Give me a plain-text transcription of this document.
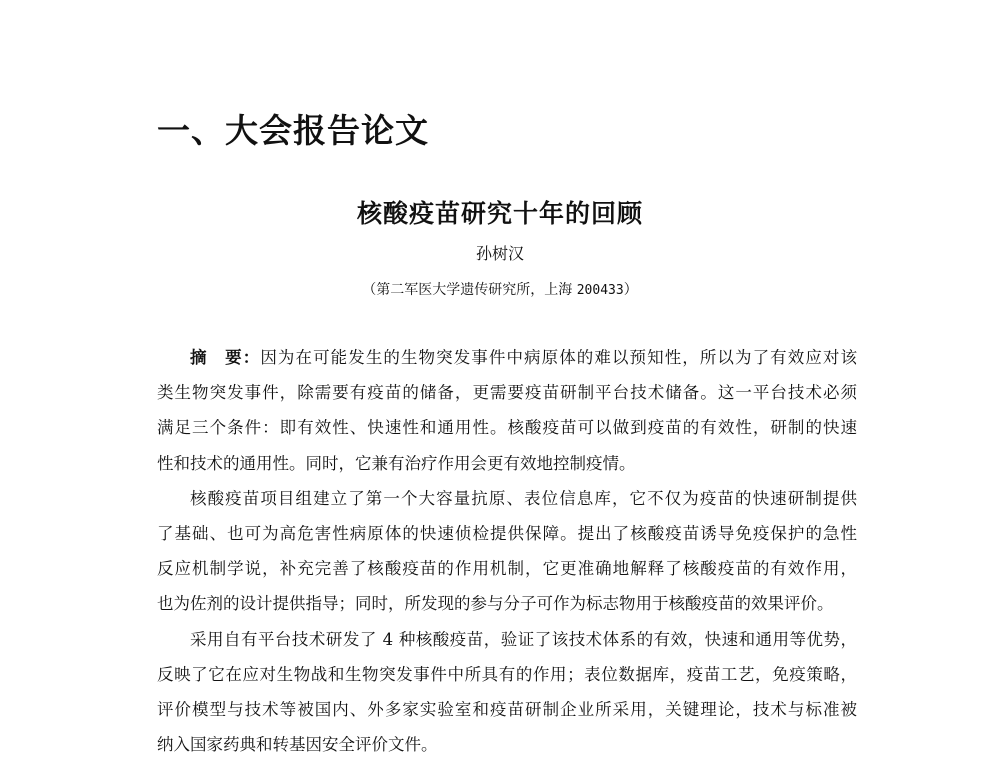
一、大会报告论文
核酸疫苗研究十年的回顾
孙树汉
（第二军医大学遗传研究所，上海 200433）
摘　要：因为在可能发生的生物突发事件中病原体的难以预知性，所以为了有效应对该
类生物突发事件，除需要有疫苗的储备，更需要疫苗研制平台技术储备。这一平台技术必须
满足三个条件：即有效性、快速性和通用性。核酸疫苗可以做到疫苗的有效性，研制的快速
性和技术的通用性。同时，它兼有治疗作用会更有效地控制疫情。
核酸疫苗项目组建立了第一个大容量抗原、表位信息库，它不仅为疫苗的快速研制提供
了基础、也可为高危害性病原体的快速侦检提供保障。提出了核酸疫苗诱导免疫保护的急性
反应机制学说，补充完善了核酸疫苗的作用机制，它更准确地解释了核酸疫苗的有效作用，
也为佐剂的设计提供指导；同时，所发现的参与分子可作为标志物用于核酸疫苗的效果评价。
采用自有平台技术研发了 4 种核酸疫苗，验证了该技术体系的有效，快速和通用等优势，
反映了它在应对生物战和生物突发事件中所具有的作用；表位数据库，疫苗工艺，免疫策略，
评价模型与技术等被国内、外多家实验室和疫苗研制企业所采用，关键理论，技术与标准被
纳入国家药典和转基因安全评价文件。
